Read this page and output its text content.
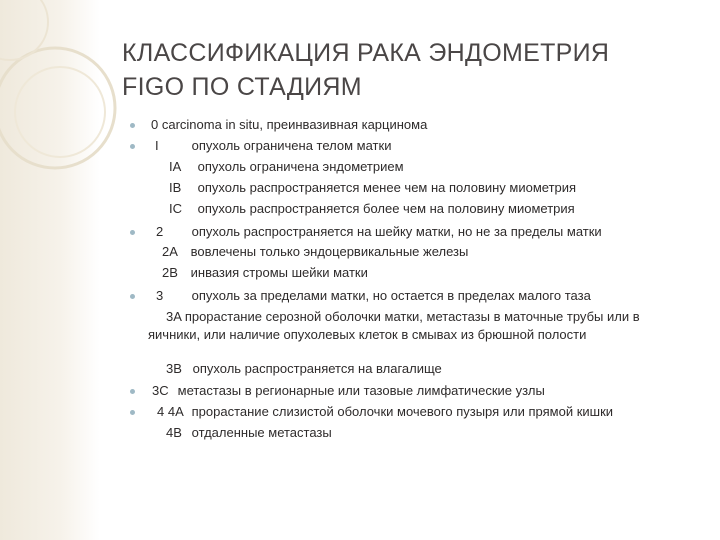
КЛАССИФИКАЦИЯ РАКА ЭНДОМЕТРИЯ
FIGO ПО СТАДИЯМ
0 carcinoma in situ, преинвазивная карцинома
I	опухоль ограничена телом матки
IA опухоль ограничена эндометрием
IB опухоль распространяется менее чем на половину миометрия
IC опухоль распространяется более чем на половину миометрия
2 опухоль распространяется на шейку матки, но не за пределы матки
2A вовлечены только эндоцервикальные железы
2B инвазия стромы шейки матки
3 опухоль за пределами матки, но остается в пределах малого таза
3A прорастание серозной оболочки матки, метастазы в маточные трубы или в яичники, или наличие опухолевых клеток в смывах из брюшной полости
3B опухоль распространяется на влагалище
3C метастазы в регионарные или тазовые лимфатические узлы
4 4A прорастание слизистой оболочки мочевого пузыря или прямой кишки
4B отдаленные метастазы
